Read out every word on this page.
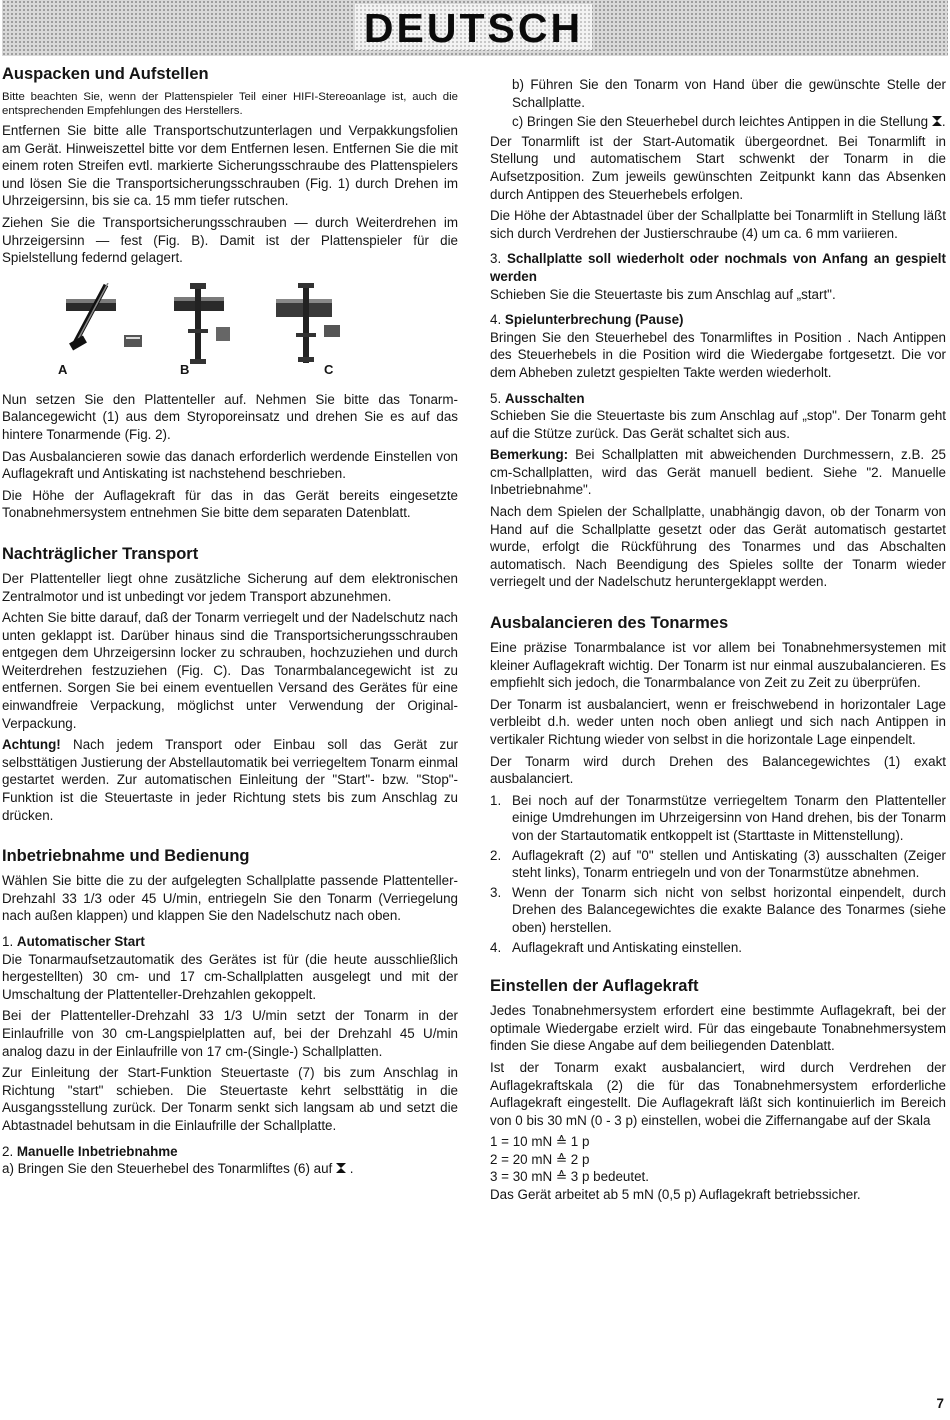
DEUTSCH
Auspacken und Aufstellen

Bitte beachten Sie, wenn der Plattenspieler Teil einer HIFI-Stereoanlage ist, auch die entsprechenden Empfehlungen des Herstellers.

Entfernen Sie bitte alle Transportschutzunterlagen und Verpakkungsfolien am Gerät. Hinweiszettel bitte vor dem Entfernen lesen. Entfernen Sie die mit einem roten Streifen evtl. markierte Sicherungsschraube des Plattenspielers und lösen Sie die Transportsicherungsschrauben (Fig. 1) durch Drehen im Uhrzeigersinn, bis sie ca. 15 mm tiefer rutschen.

Ziehen Sie die Transportsicherungsschrauben — durch Weiterdrehen im Uhrzeigersinn — fest (Fig. B). Damit ist der Plattenspieler für die Spielstellung federnd gelagert.

A	B	C

Nun setzen Sie den Plattenteller auf. Nehmen Sie bitte das Tonarm-Balancegewicht (1) aus dem Styroporeinsatz und drehen Sie es auf das hintere Tonarmende (Fig. 2).

Das Ausbalancieren sowie das danach erforderlich werdende Einstellen von Auflagekraft und Antiskating ist nachstehend beschrieben.

Die Höhe der Auflagekraft für das in das Gerät bereits eingesetzte Tonabnehmersystem entnehmen Sie bitte dem separaten Datenblatt.

Nachträglicher Transport

Der Plattenteller liegt ohne zusätzliche Sicherung auf dem elektronischen Zentralmotor und ist unbedingt vor jedem Transport abzunehmen.

Achten Sie bitte darauf, daß der Tonarm verriegelt und der Nadelschutz nach unten geklappt ist. Darüber hinaus sind die Transportsicherungsschrauben entgegen dem Uhrzeigersinn locker zu schrauben, hochzuziehen und durch Weiterdrehen festzuziehen (Fig. C). Das Tonarmbalancegewicht ist zu entfernen. Sorgen Sie bei einem eventuellen Versand des Gerätes für eine einwandfreie Verpackung, möglichst unter Verwendung der Original-Verpackung.

Achtung! Nach jedem Transport oder Einbau soll das Gerät zur selbsttätigen Justierung der Abstellautomatik bei verriegeltem Tonarm einmal gestartet werden. Zur automatischen Einleitung der "Start"- bzw. "Stop"-Funktion ist die Steuertaste in jeder Richtung stets bis zum Anschlag zu drücken.

Inbetriebnahme und Bedienung

Wählen Sie bitte die zu der aufgelegten Schallplatte passende Plattenteller-Drehzahl 33 1/3 oder 45 U/min, entriegeln Sie den Tonarm (Verriegelung nach außen klappen) und klappen Sie den Nadelschutz nach oben.

1. Automatischer Start

Die Tonarmaufsetzautomatik des Gerätes ist für (die heute ausschließlich hergestellten) 30 cm- und 17 cm-Schallplatten ausgelegt und mit der Umschaltung der Plattenteller-Drehzahlen gekoppelt.

Bei der Plattenteller-Drehzahl 33 1/3 U/min setzt der Tonarm in der Einlaufrille von 30 cm-Langspielplatten auf, bei der Drehzahl 45 U/min analog dazu in der Einlaufrille von 17 cm-(Single-) Schallplatten.

Zur Einleitung der Start-Funktion Steuertaste (7) bis zum Anschlag in Richtung "start" schieben. Die Steuertaste kehrt selbsttätig in die Ausgangsstellung zurück. Der Tonarm senkt sich langsam ab und setzt die Abtastnadel behutsam in die Einlaufrille der Schallplatte.

2. Manuelle Inbetriebnahme

a) Bringen Sie den Steuerhebel des Tonarmliftes (6) auf  .

b) Führen Sie den Tonarm von Hand über die gewünschte Stelle der Schallplatte.
c) Bringen Sie den Steuerhebel durch leichtes Antippen in die Stellung .

Der Tonarmlift ist der Start-Automatik übergeordnet. Bei Tonarmlift in Stellung und automatischem Start schwenkt der Tonarm in die Aufsetzposition. Zum jeweils gewünschten Zeitpunkt kann das Absenken durch Antippen des Steuerhebels erfolgen.

Die Höhe der Abtastnadel über der Schallplatte bei Tonarmlift in Stellung läßt sich durch Verdrehen der Justierschraube (4) um ca. 6 mm variieren.

3. Schallplatte soll wiederholt oder nochmals von Anfang an gespielt werden

Schieben Sie die Steuertaste bis zum Anschlag auf „start".

4. Spielunterbrechung (Pause)

Bringen Sie den Steuerhebel des Tonarmliftes in Position . Nach Antippen des Steuerhebels in die Position wird die Wiedergabe fortgesetzt. Die vor dem Abheben zuletzt gespielten Takte werden wiederholt.

5. Ausschalten

Schieben Sie die Steuertaste bis zum Anschlag auf „stop". Der Tonarm geht auf die Stütze zurück. Das Gerät schaltet sich aus.

Bemerkung: Bei Schallplatten mit abweichenden Durchmessern, z.B. 25 cm-Schallplatten, wird das Gerät manuell bedient. Siehe "2. Manuelle Inbetriebnahme".

Nach dem Spielen der Schallplatte, unabhängig davon, ob der Tonarm von Hand auf die Schallplatte gesetzt oder das Gerät automatisch gestartet wurde, erfolgt die Rückführung des Tonarmes und das Abschalten automatisch. Nach Beendigung des Spieles sollte der Tonarm wieder verriegelt und der Nadelschutz heruntergeklappt werden.

Ausbalancieren des Tonarmes

Eine präzise Tonarmbalance ist vor allem bei Tonabnehmersystemen mit kleiner Auflagekraft wichtig. Der Tonarm ist nur einmal auszubalancieren. Es empfiehlt sich jedoch, die Tonarmbalance von Zeit zu Zeit zu überprüfen.

Der Tonarm ist ausbalanciert, wenn er freischwebend in horizontaler Lage verbleibt d.h. weder unten noch oben anliegt und sich nach Antippen in vertikaler Richtung wieder von selbst in die horizontale Lage einpendelt.

Der Tonarm wird durch Drehen des Balancegewichtes (1) exakt ausbalanciert.

1. Bei noch auf der Tonarmstütze verriegeltem Tonarm den Plattenteller einige Umdrehungen im Uhrzeigersinn von Hand drehen, bis der Tonarm von der Startautomatik entkoppelt ist (Starttaste in Mittenstellung).
2. Auflagekraft (2) auf "0" stellen und Antiskating (3) ausschalten (Zeiger steht links), Tonarm entriegeln und von der Tonarmstütze abnehmen.
3. Wenn der Tonarm sich nicht von selbst horizontal einpendelt, durch Drehen des Balancegewichtes die exakte Balance des Tonarmes (siehe oben) herstellen.
4. Auflagekraft und Antiskating einstellen.
Einstellen der Auflagekraft

Jedes Tonabnehmersystem erfordert eine bestimmte Auflagekraft, bei der optimale Wiedergabe erzielt wird. Für das eingebaute Tonabnehmersystem finden Sie diese Angabe auf dem beiliegenden Datenblatt.

Ist der Tonarm exakt ausbalanciert, wird durch Verdrehen der Auflagekraftskala (2) die für das Tonabnehmersystem erforderliche Auflagekraft eingestellt. Die Auflagekraft läßt sich kontinuierlich im Bereich von 0 bis 30 mN (0 - 3 p) einstellen, wobei die Ziffernangabe auf der Skala

1 = 10 mN ≙ 1 p
2 = 20 mN ≙ 2 p
3 = 30 mN ≙ 3 p bedeutet.

Das Gerät arbeitet ab 5 mN (0,5 p) Auflagekraft betriebssicher.

7
